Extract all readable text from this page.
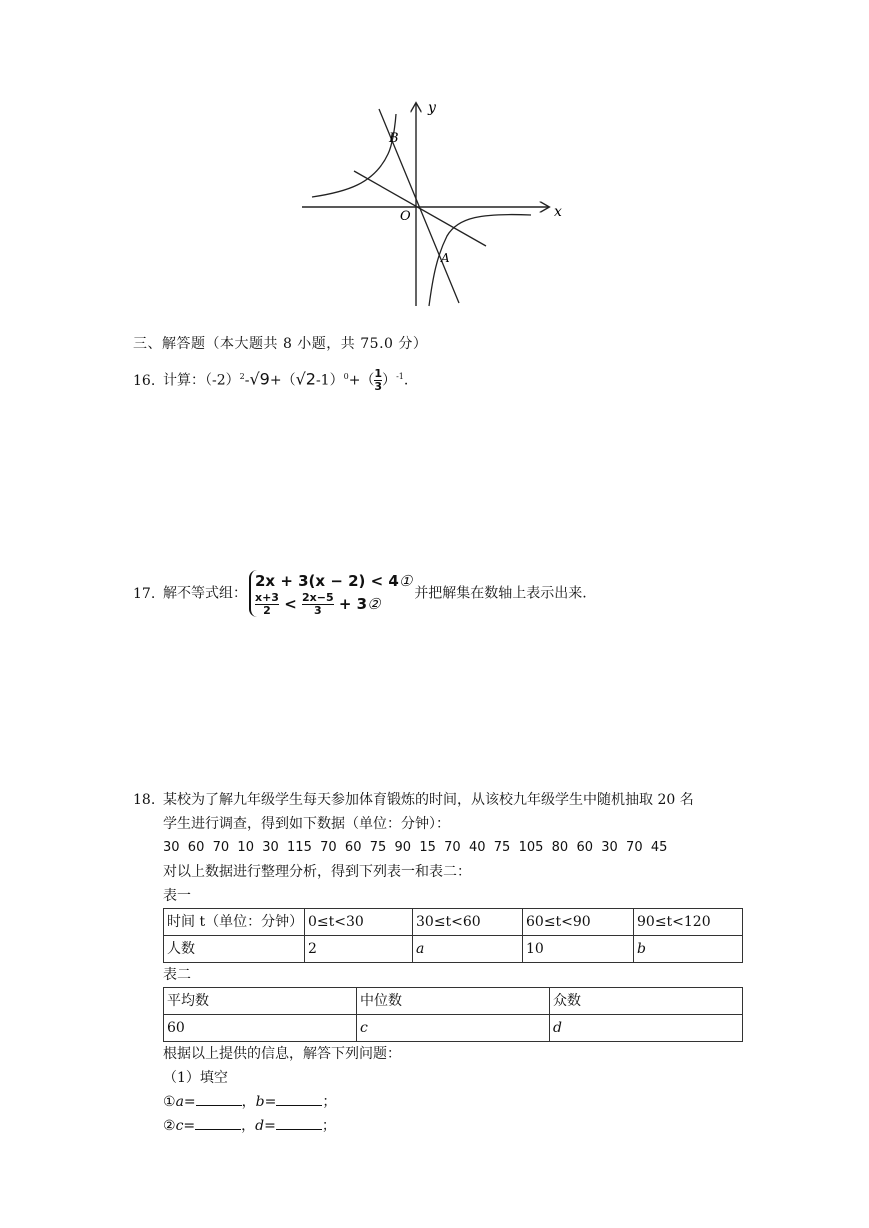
y
x
O
A
B
三、解答题（本大题共 8 小题，共 75.0 分）
16. 计算：$(-2)^2-√9+(√2-1)^0+( \frac{1}{3} )^{-1}$.
17. 解不等式组：
2x + 3(x − 2) < 4①
$\frac{x+3}{2} < \frac{2x-5}{3}$ + 3②
并把解集在数轴上表示出来.
18. 某校为了解九年级学生每天参加体育锻炼的时间，从该校九年级学生中随机抽取 20 名
学生进行调查，得到如下数据（单位：分钟）：
30  60  70  10  30  115  70  60  75  90  15  70  40  75  105  80  60  30  70  45
对以上数据进行整理分析，得到下列表一和表二：
表一
时间 t（单位：分钟）	0≤t<30	30≤t<60	60≤t<90	90≤t<120
人数	2	a	10	b
表二
平均数	中位数	众数
60	c	d
根据以上提供的信息，解答下列问题：
（1）填空
①a=	，b=	；
②c=	，d=	；
